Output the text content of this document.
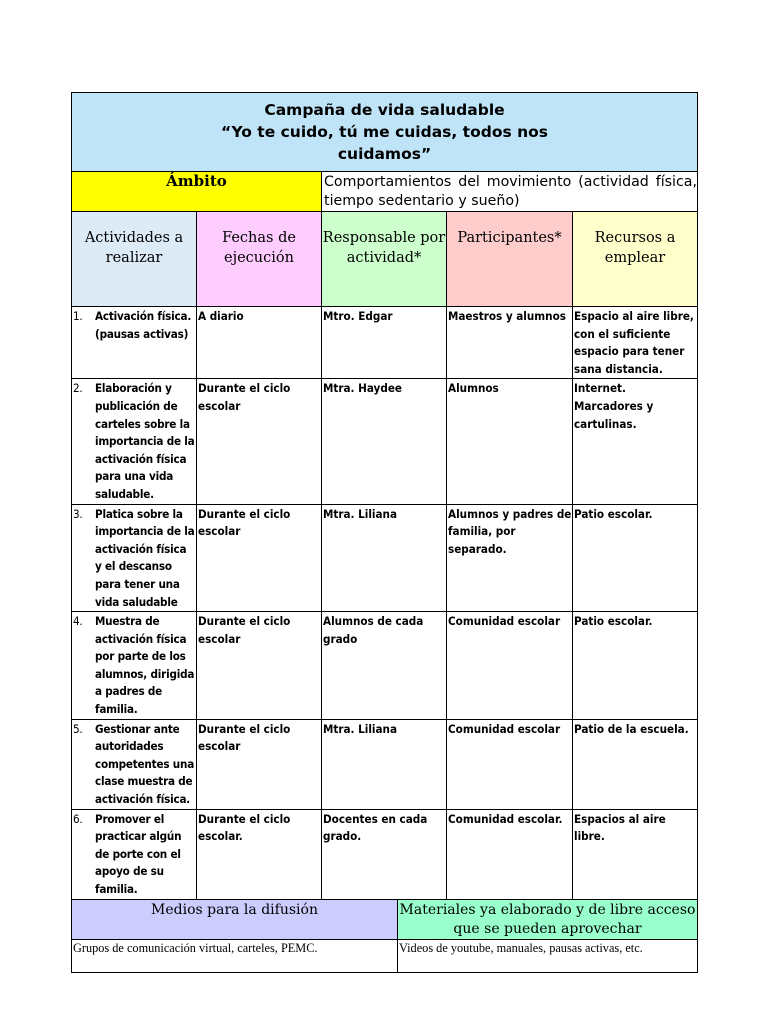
Campaña de vida saludable
“Yo te cuido, tú me cuidas, todos nos
cuidamos”				

Ámbito		Comportamientos del movimiento (actividad física, tiempo sedentario y sueño)		
Actividades a realizar	Fechas de ejecución	Responsable por actividad*	Participantes*	Recursos a emplear

1. Activación física. (pausas activas)	A diario	Mtro. Edgar	Maestros y alumnos	Espacio al aire libre, con el suficiente espacio para tener sana distancia.

2. Elaboración y publicación de carteles sobre la importancia de la activación física para una vida saludable.	Durante el ciclo escolar	Mtra. Haydee	Alumnos	Internet. Marcadores y cartulinas.

3. Platica sobre la importancia de la activación física y el descanso para tener una vida saludable	Durante el ciclo escolar	Mtra. Liliana	Alumnos y padres de familia, por separado.	Patio escolar.

4. Muestra de activación física por parte de los alumnos, dirigida a padres de familia.	Durante el ciclo escolar	Alumnos de cada grado	Comunidad escolar	Patio escolar.

5. Gestionar ante autoridades competentes una clase muestra de activación física.	Durante el ciclo escolar	Mtra. Liliana	Comunidad escolar	Patio de la escuela.

6. Promover el practicar algún de porte con el apoyo de su familia.	Durante el ciclo escolar.	Docentes en cada grado.	Comunidad escolar.	Espacios al aire libre.
Medios para la difusión	Materiales ya elaborado y de libre acceso que se pueden aprovechar
Grupos de comunicación virtual, carteles, PEMC.	Videos de youtube, manuales, pausas activas, etc.
